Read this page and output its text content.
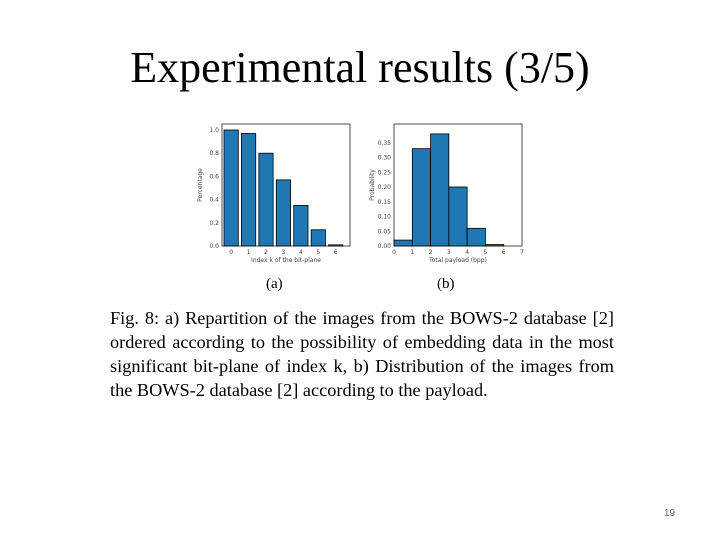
Experimental results (3/5)
Percentage
Index k of the bit-plane
0.0
0.2
0.4
0.6
0.8
1.0
0 1 2 3 4 5 6
Probability
Total payload (bpp)
0.00
0.05
0.10
0.15
0.20
0.25
0.30
0.35
0 1 2 3 4 5 6 7
(a)	(b)
Fig. 8: a) Repartition of the images from the BOWS-2 database [2] ordered according to the possibility of embedding data in the most significant bit-plane of index k, b) Distribution of the images from the BOWS-2 database [2] according to the payload.
19
